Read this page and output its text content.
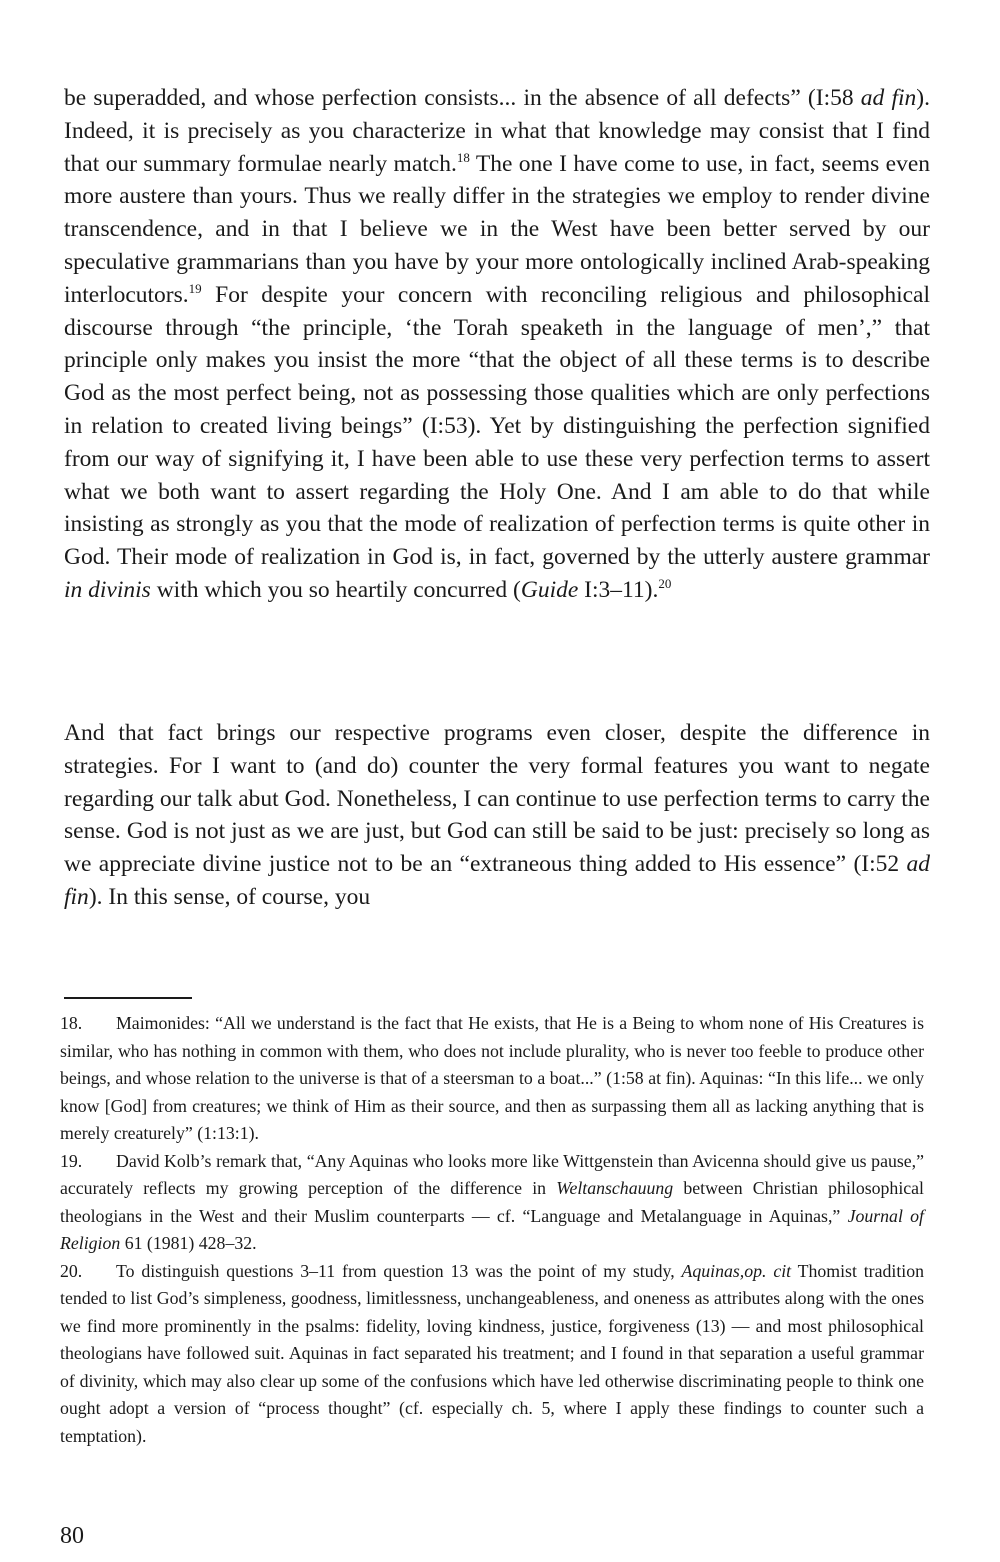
be superadded, and whose perfection consists... in the absence of all defects” (I:58 ad fin). Indeed, it is precisely as you characterize in what that knowledge may consist that I find that our summary formulae nearly match.$^{18}$ The one I have come to use, in fact, seems even more austere than yours. Thus we really differ in the strategies we employ to render divine transcendence, and in that I believe we in the West have been better served by our speculative grammarians than you have by your more ontologically inclined Arab-speaking interlocutors.$^{19}$ For despite your concern with reconciling religious and philosophical discourse through “the principle, ‘the Torah speaketh in the language of men’,” that principle only makes you insist the more “that the object of all these terms is to describe God as the most perfect being, not as possessing those qualities which are only perfections in relation to created living beings” (I:53). Yet by distinguishing the perfection signified from our way of signifying it, I have been able to use these very perfection terms to assert what we both want to assert regarding the Holy One. And I am able to do that while insisting as strongly as you that the mode of realization of perfection terms is quite other in God. Their mode of realization in God is, in fact, governed by the utterly austere grammar in divinis with which you so heartily concurred (Guide I:3–11).$^{20}$

And that fact brings our respective programs even closer, despite the difference in strategies. For I want to (and do) counter the very formal features you want to negate regarding our talk abut God. Nonetheless, I can continue to use perfection terms to carry the sense. God is not just as we are just, but God can still be said to be just: precisely so long as we appreciate divine justice not to be an “extraneous thing added to His essence” (I:52 ad fin). In this sense, of course, you

18. Maimonides: “All we understand is the fact that He exists, that He is a Being to whom none of His Creatures is similar, who has nothing in common with them, who does not include plurality, who is never too feeble to produce other beings, and whose relation to the universe is that of a steersman to a boat...” (1:58 at fin). Aquinas: “In this life... we only know [God] from creatures; we think of Him as their source, and then as surpassing them all as lacking anything that is merely creaturely” (1:13:1).

19. David Kolb’s remark that, “Any Aquinas who looks more like Wittgenstein than Avicenna should give us pause,” accurately reflects my growing perception of the difference in Weltanschauung between Christian philosophical theologians in the West and their Muslim counterparts — cf. “Language and Metalanguage in Aquinas,” Journal of Religion 61 (1981) 428–32.

20. To distinguish questions 3–11 from question 13 was the point of my study, Aquinas,op. cit Thomist tradition tended to list God’s simpleness, goodness, limitlessness, unchangeableness, and oneness as attributes along with the ones we find more prominently in the psalms: fidelity, loving kindness, justice, forgiveness (13) — and most philosophical theologians have followed suit. Aquinas in fact separated his treatment; and I found in that separation a useful grammar of divinity, which may also clear up some of the confusions which have led otherwise discriminating people to think one ought adopt a version of “process thought” (cf. especially ch. 5, where I apply these findings to counter such a temptation).

80
